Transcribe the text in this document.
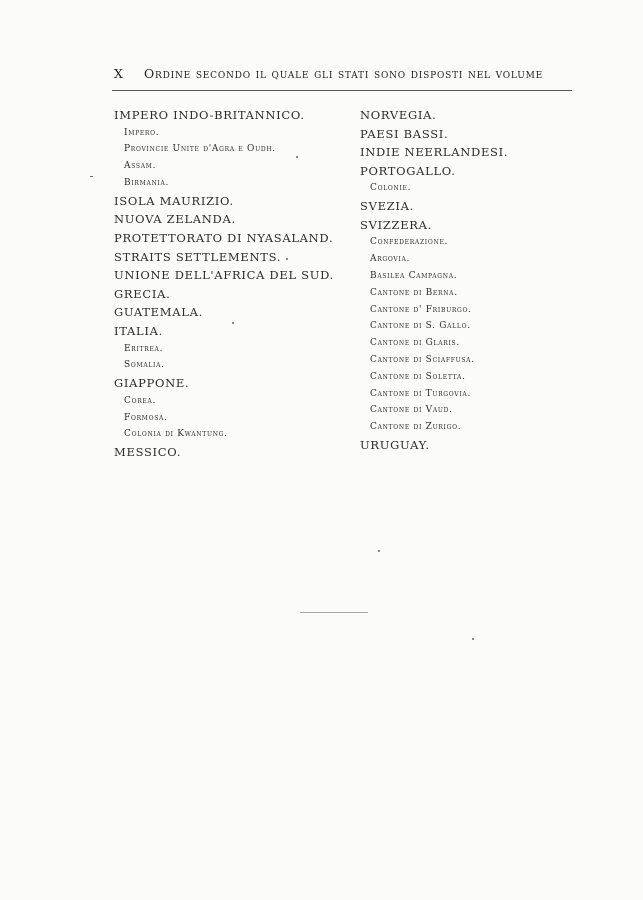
X Ordine secondo il quale gli stati sono disposti nel volume
IMPERO INDO-BRITANNICO.
Impero.
Provincie Unite d'Agra e Oudh.
Assam.
Birmania.
ISOLA MAURIZIO.
NUOVA ZELANDA.
PROTETTORATO DI NYASALAND.
STRAITS SETTLEMENTS.
UNIONE DELL'AFRICA DEL SUD.
GRECIA.
GUATEMALA.
ITALIA.
Eritrea.
Somalia.
GIAPPONE.
Corea.
Formosa.
Colonia di Kwantung.
MESSICO.
NORVEGIA.
PAESI BASSI.
INDIE NEERLANDESI.
PORTOGALLO.
Colonie.
SVEZIA.
SVIZZERA.
Confederazione.
Argovia.
Basilea Campagna.
Cantone di Berna.
Cantone d' Friburgo.
Cantone di S. Gallo.
Cantone di Glaris.
Cantone di Sciaffusa.
Cantone di Soletta.
Cantone di Turgovia.
Cantone di Vaud.
Cantone di Zurigo.
URUGUAY.
